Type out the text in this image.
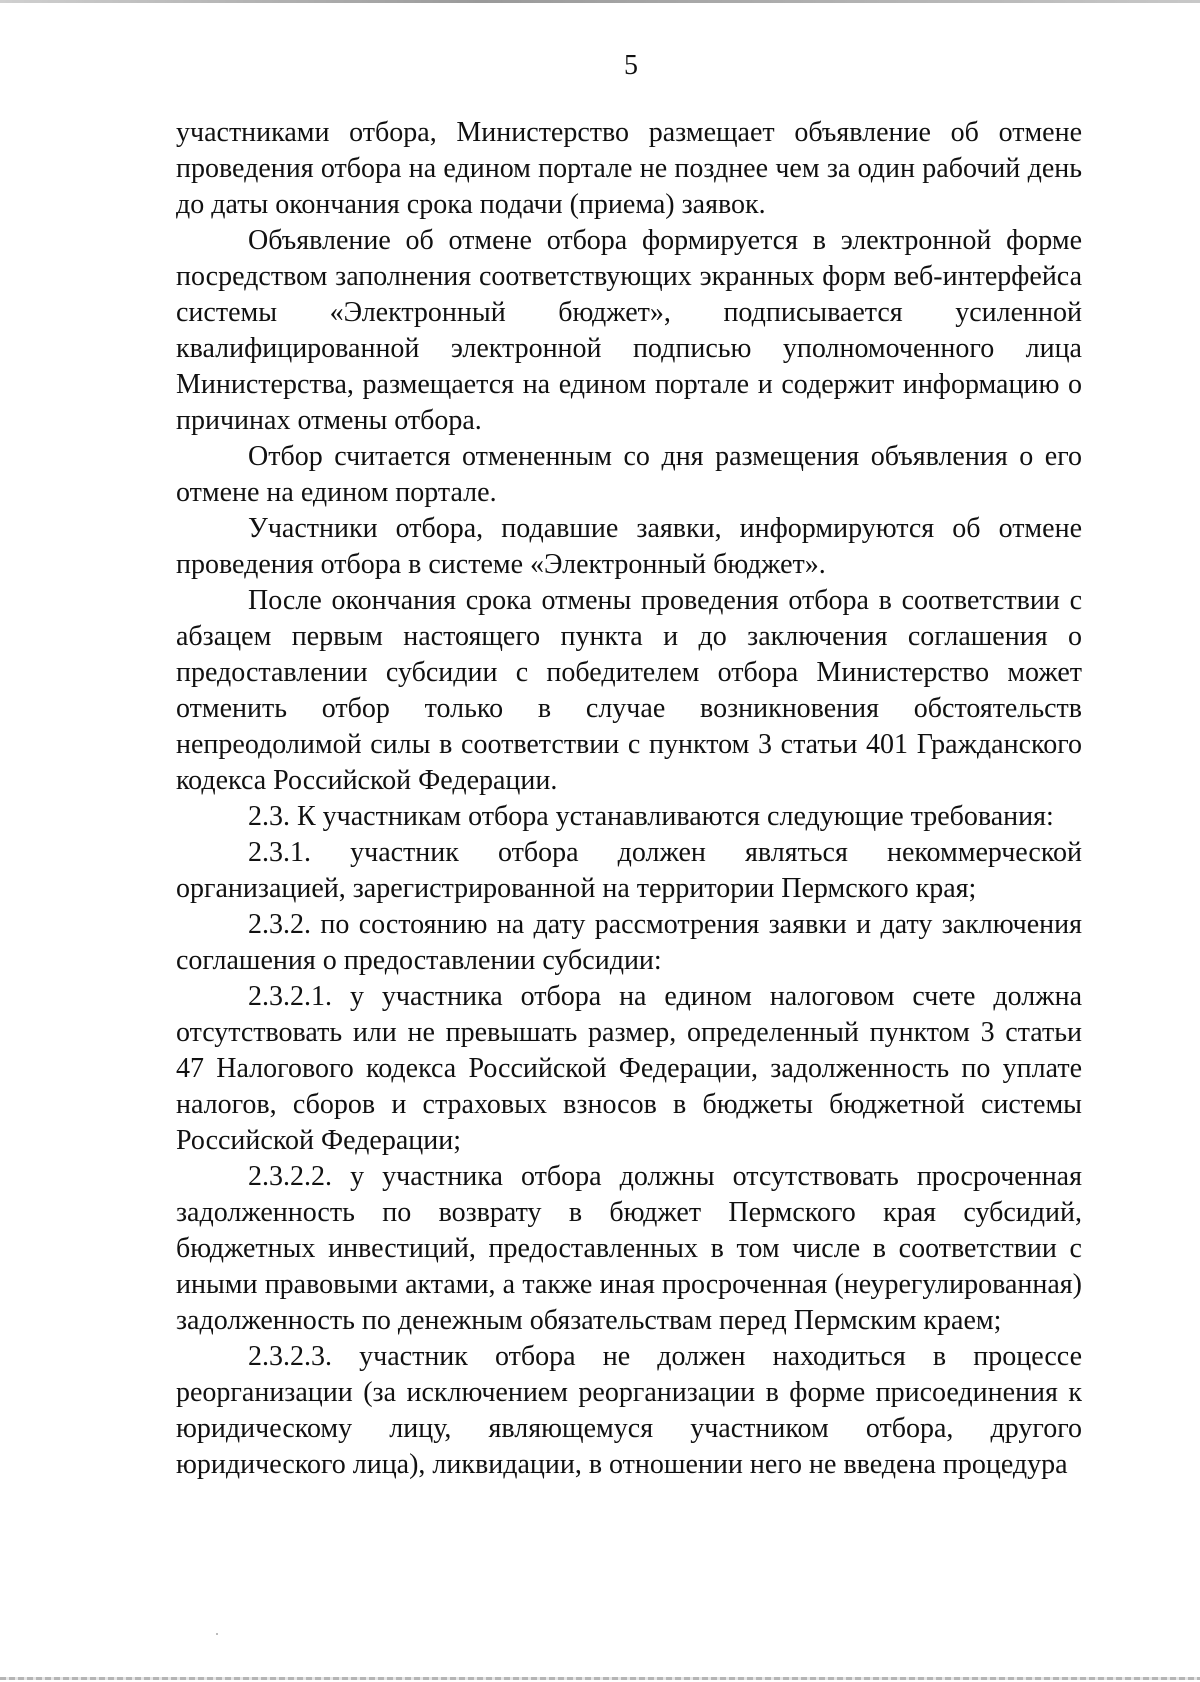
5

участниками отбора, Министерство размещает объявление об отмене проведения отбора на едином портале не позднее чем за один рабочий день до даты окончания срока подачи (приема) заявок.

Объявление об отмене отбора формируется в электронной форме посредством заполнения соответствующих экранных форм веб-интерфейса системы «Электронный бюджет», подписывается усиленной квалифицированной электронной подписью уполномоченного лица Министерства, размещается на едином портале и содержит информацию о причинах отмены отбора.

Отбор считается отмененным со дня размещения объявления о его отмене на едином портале.

Участники отбора, подавшие заявки, информируются об отмене проведения отбора в системе «Электронный бюджет».

После окончания срока отмены проведения отбора в соответствии с абзацем первым настоящего пункта и до заключения соглашения о предоставлении субсидии с победителем отбора Министерство может отменить отбор только в случае возникновения обстоятельств непреодолимой силы в соответствии с пунктом 3 статьи 401 Гражданского кодекса Российской Федерации.

2.3. К участникам отбора устанавливаются следующие требования:

2.3.1. участник отбора должен являться некоммерческой организацией, зарегистрированной на территории Пермского края;

2.3.2. по состоянию на дату рассмотрения заявки и дату заключения соглашения о предоставлении субсидии:

2.3.2.1. у участника отбора на едином налоговом счете должна отсутствовать или не превышать размер, определенный пунктом 3 статьи 47 Налогового кодекса Российской Федерации, задолженность по уплате налогов, сборов и страховых взносов в бюджеты бюджетной системы Российской Федерации;

2.3.2.2. у участника отбора должны отсутствовать просроченная задолженность по возврату в бюджет Пермского края субсидий, бюджетных инвестиций, предоставленных в том числе в соответствии с иными правовыми актами, а также иная просроченная (неурегулированная) задолженность по денежным обязательствам перед Пермским краем;

2.3.2.3. участник отбора не должен находиться в процессе реорганизации (за исключением реорганизации в форме присоединения к юридическому лицу, являющемуся участником отбора, другого юридического лица), ликвидации, в отношении него не введена процедура
